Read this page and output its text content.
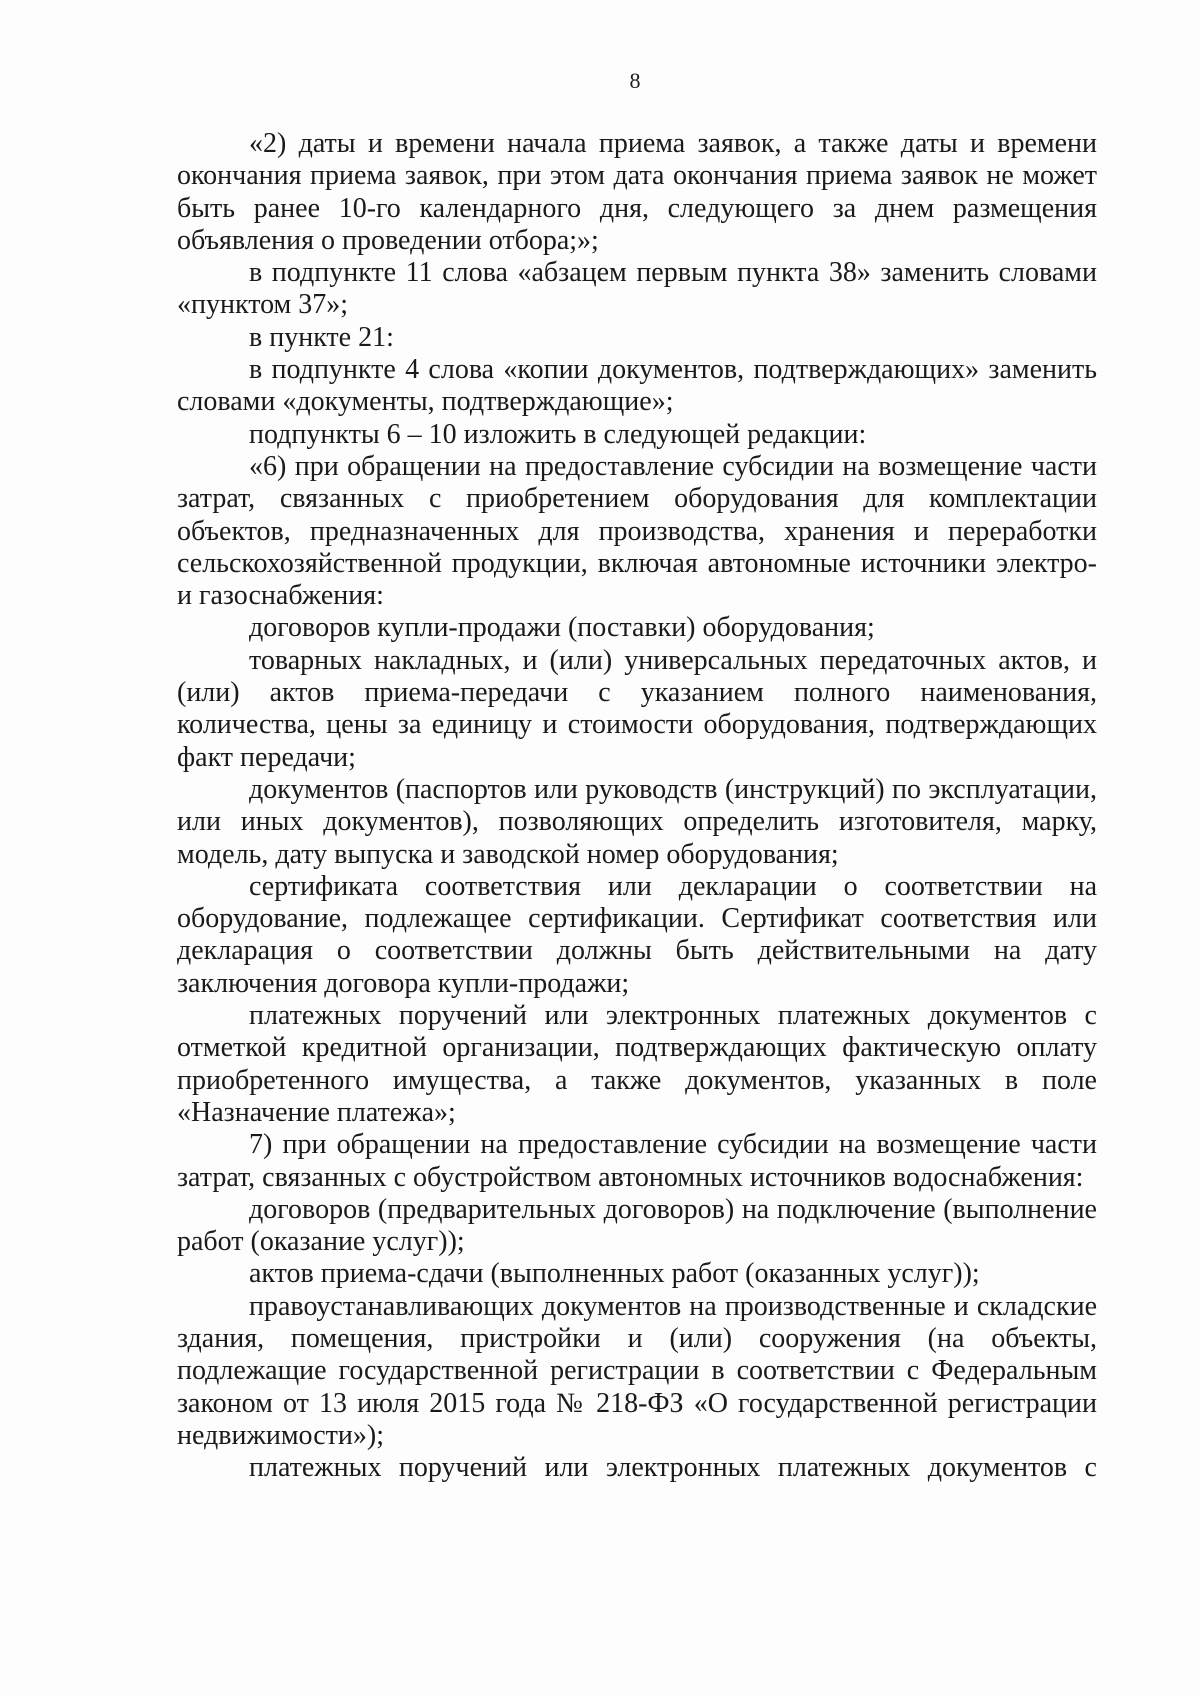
8

«2) даты и времени начала приема заявок, а также даты и времени окончания приема заявок, при этом дата окончания приема заявок не может быть ранее 10-го календарного дня, следующего за днем размещения объявления о проведении отбора;»;

в подпункте 11 слова «абзацем первым пункта 38» заменить словами «пунктом 37»;

в пункте 21:

в подпункте 4 слова «копии документов, подтверждающих» заменить словами «документы, подтверждающие»;

подпункты 6 – 10 изложить в следующей редакции:

«6) при обращении на предоставление субсидии на возмещение части затрат, связанных с приобретением оборудования для комплектации объектов, предназначенных для производства, хранения и переработки сельскохозяйственной продукции, включая автономные источники электро- и газоснабжения:

договоров купли-продажи (поставки) оборудования;

товарных накладных, и (или) универсальных передаточных актов, и (или) актов приема-передачи с указанием полного наименования, количества, цены за единицу и стоимости оборудования, подтверждающих факт передачи;

документов (паспортов или руководств (инструкций) по эксплуатации, или иных документов), позволяющих определить изготовителя, марку, модель, дату выпуска и заводской номер оборудования;

сертификата соответствия или декларации о соответствии на оборудование, подлежащее сертификации. Сертификат соответствия или декларация о соответствии должны быть действительными на дату заключения договора купли-продажи;

платежных поручений или электронных платежных документов с отметкой кредитной организации, подтверждающих фактическую оплату приобретенного имущества, а также документов, указанных в поле «Назначение платежа»;

7) при обращении на предоставление субсидии на возмещение части затрат, связанных с обустройством автономных источников водоснабжения:

договоров (предварительных договоров) на подключение (выполнение работ (оказание услуг));

актов приема-сдачи (выполненных работ (оказанных услуг));

правоустанавливающих документов на производственные и складские здания, помещения, пристройки и (или) сооружения (на объекты, подлежащие государственной регистрации в соответствии с Федеральным законом от 13 июля 2015 года № 218-ФЗ «О государственной регистрации недвижимости»);

платежных поручений или электронных платежных документов с
